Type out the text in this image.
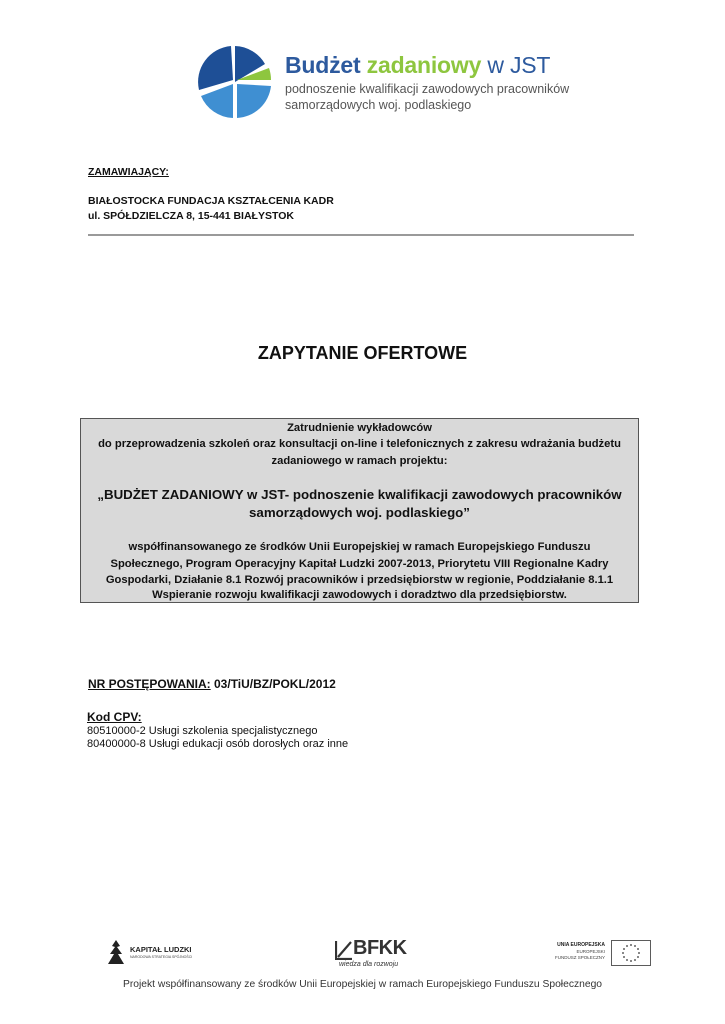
Budżet zadaniowy w JST
podnoszenie kwalifikacji zawodowych pracowników
samorządowych woj. podlaskiego
ZAMAWIAJĄCY:
BIAŁOSTOCKA FUNDACJA KSZTAŁCENIA KADR
ul. SPÓŁDZIELCZA 8, 15-441 BIAŁYSTOK
ZAPYTANIE OFERTOWE
Zatrudnienie wykładowców
do przeprowadzenia szkoleń oraz konsultacji on-line i telefonicznych z zakresu wdrażania budżetu
zadaniowego w ramach projektu:
„BUDŻET ZADANIOWY w JST- podnoszenie kwalifikacji zawodowych pracowników
samorządowych woj. podlaskiego”
współfinansowanego ze środków Unii Europejskiej w ramach Europejskiego Funduszu
Społecznego, Program Operacyjny Kapitał Ludzki 2007-2013, Priorytetu VIII Regionalne Kadry
Gospodarki, Działanie 8.1 Rozwój pracowników i przedsiębiorstw w regionie, Poddziałanie 8.1.1
Wspieranie rozwoju kwalifikacji zawodowych i doradztwo dla przedsiębiorstw.
NR POSTĘPOWANIA: 03/TiU/BZ/POKL/2012
Kod CPV:
80510000-2 Usługi szkolenia specjalistycznego
80400000-8 Usługi edukacji osób dorosłych oraz inne
KAPITAŁ LUDZKI
NARODOWA STRATEGIA SPÓJNOŚCI	BFKK
wiedza dla rozwoju
UNIA EUROPEJSKA
EUROPEJSKI
FUNDUSZ SPOŁECZNY
Projekt współfinansowany ze środków Unii Europejskiej w ramach Europejskiego Funduszu Społecznego
